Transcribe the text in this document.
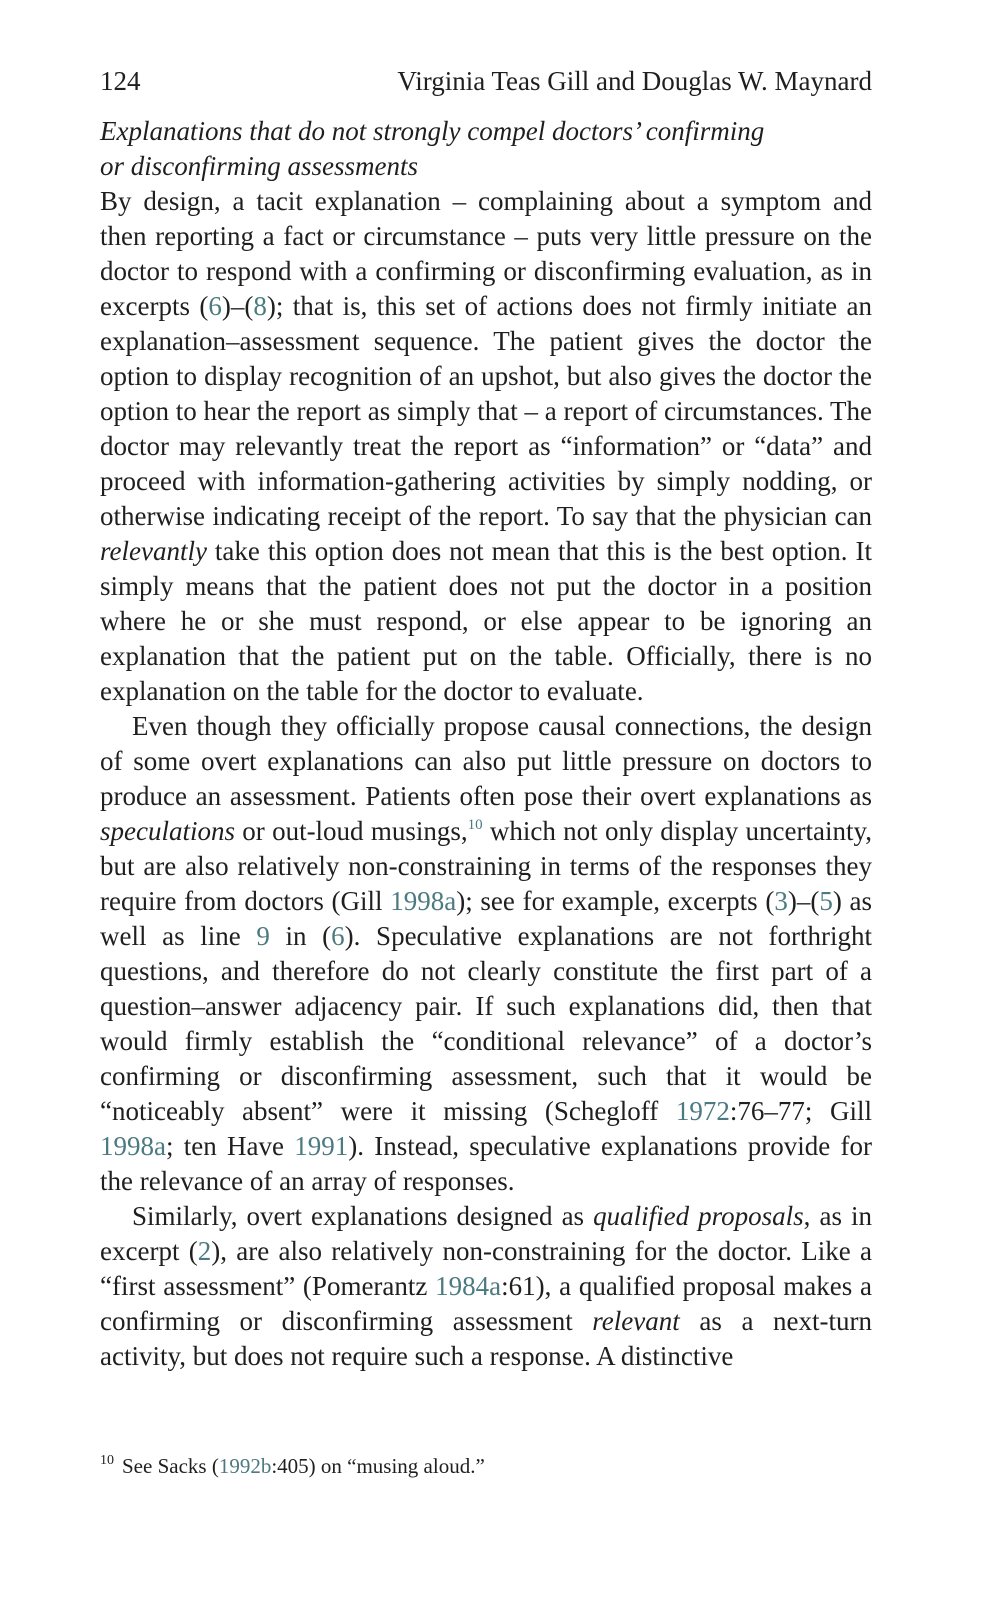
124	Virginia Teas Gill and Douglas W. Maynard
Explanations that do not strongly compel doctors’ confirming
or disconfirming assessments

By design, a tacit explanation – complaining about a symptom and then reporting a fact or circumstance – puts very little pressure on the doctor to respond with a confirming or disconfirming evaluation, as in excerpts (6)–(8); that is, this set of actions does not firmly initiate an explanation–assessment sequence. The patient gives the doctor the option to display recognition of an upshot, but also gives the doctor the option to hear the report as simply that – a report of circumstances. The doctor may relevantly treat the report as “information” or “data” and proceed with information-gathering activities by simply nodding, or otherwise indicating receipt of the report. To say that the physician can relevantly take this option does not mean that this is the best option. It simply means that the patient does not put the doctor in a position where he or she must respond, or else appear to be ignoring an explanation that the patient put on the table. Officially, there is no explanation on the table for the doctor to evaluate.

Even though they officially propose causal connections, the design of some overt explanations can also put little pressure on doctors to produce an assessment. Patients often pose their overt explanations as speculations or out-loud musings,$^{10}$ which not only display uncertainty, but are also relatively non-constraining in terms of the responses they require from doctors (Gill 1998a); see for example, excerpts (3)–(5) as well as line 9 in (6). Speculative explanations are not forthright questions, and therefore do not clearly constitute the first part of a question–answer adjacency pair. If such explanations did, then that would firmly establish the “conditional relevance” of a doctor’s confirming or disconfirming assessment, such that it would be “noticeably absent” were it missing (Schegloff 1972:76–77; Gill 1998a; ten Have 1991). Instead, speculative explanations provide for the relevance of an array of responses.

Similarly, overt explanations designed as qualified proposals, as in excerpt (2), are also relatively non-constraining for the doctor. Like a “first assessment” (Pomerantz 1984a:61), a qualified proposal makes a confirming or disconfirming assessment relevant as a next-turn activity, but does not require such a response. A distinctive

$^{10}$ See Sacks (1992b:405) on “musing aloud.”
